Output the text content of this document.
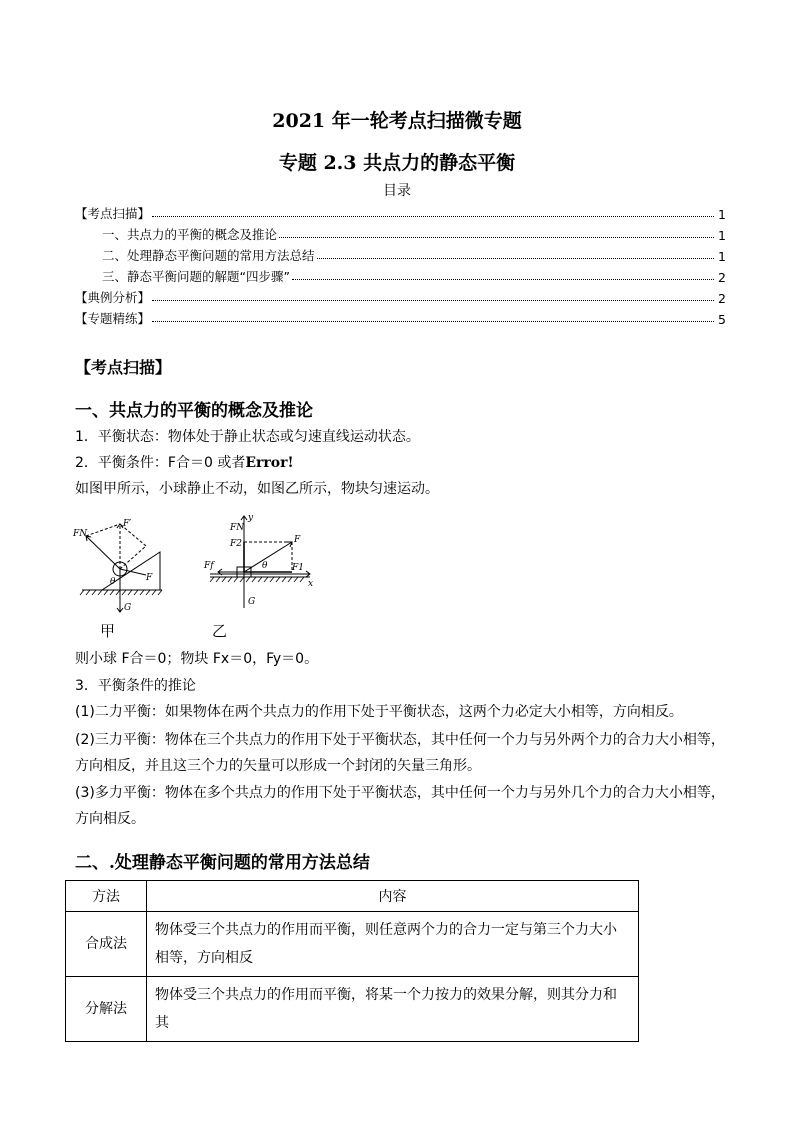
2021 年一轮考点扫描微专题
专题 2.3 共点力的静态平衡
目录
【考点扫描】	1
一、共点力的平衡的概念及推论	1
二、处理静态平衡问题的常用方法总结	1
三、静态平衡问题的解题“四步骤”	2
【典例分析】	2
【专题精练】	5
【考点扫描】
一、共点力的平衡的概念及推论
1．平衡状态：物体处于静止状态或匀速直线运动状态。
2．平衡条件：F合＝0 或者Error!
如图甲所示，小球静止不动，如图乙所示，物块匀速运动。
FN
F′
F
G
θ
y
FN
F2	F
Ff	F1
x
θ
G
甲	乙
则小球 F合＝0；物块 Fx＝0，Fy＝0。
3．平衡条件的推论
(1)二力平衡：如果物体在两个共点力的作用下处于平衡状态，这两个力必定大小相等，方向相反。
(2)三力平衡：物体在三个共点力的作用下处于平衡状态，其中任何一个力与另外两个力的合力大小相等，方向相反，并且这三个力的矢量可以形成一个封闭的矢量三角形。
(3)多力平衡：物体在多个共点力的作用下处于平衡状态，其中任何一个力与另外几个力的合力大小相等，方向相反。
二、.处理静态平衡问题的常用方法总结
方法	内容
合成法	物体受三个共点力的作用而平衡，则任意两个力的合力一定与第三个力大小相等，方向相反
分解法	物体受三个共点力的作用而平衡，将某一个力按力的效果分解，则其分力和其
